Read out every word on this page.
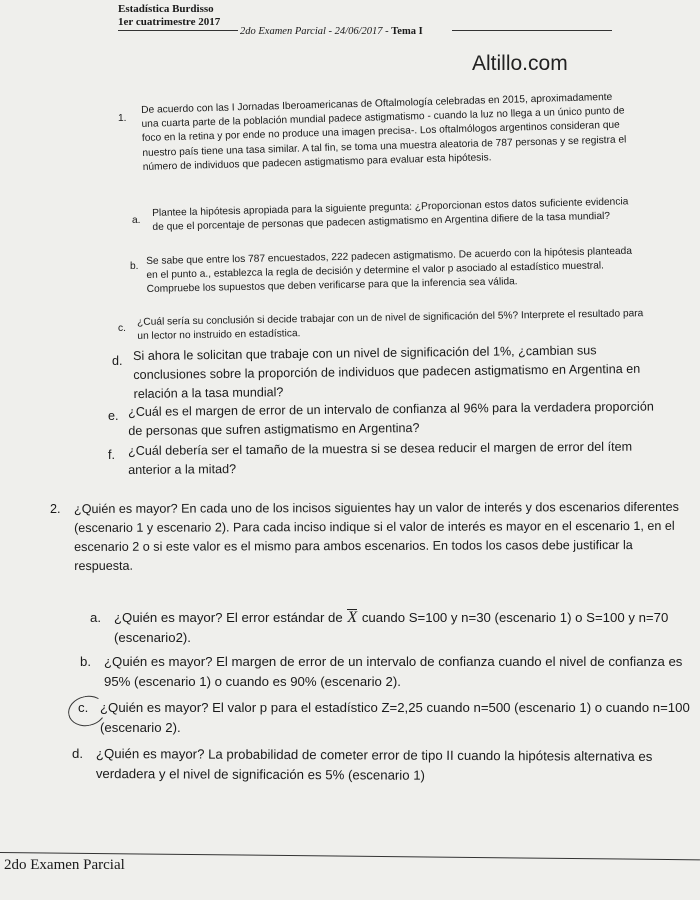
Estadística Burdisso
1er cuatrimestre 2017
2do Examen Parcial - 24/06/2017 - Tema I
Altillo.com
1.

De acuerdo con las I Jornadas Iberoamericanas de Oftalmología celebradas en 2015, aproximadamente una cuarta parte de la población mundial padece astigmatismo - cuando la luz no llega a un único punto de foco en la retina y por ende no produce una imagen precisa-. Los oftalmólogos argentinos consideran que nuestro país tiene una tasa similar. A tal fin, se toma una muestra aleatoria de 787 personas y se registra el número de individuos que padecen astigmatismo para evaluar esta hipótesis.

a.

Plantee la hipótesis apropiada para la siguiente pregunta: ¿Proporcionan estos datos suficiente evidencia de que el porcentaje de personas que padecen astigmatismo en Argentina difiere de la tasa mundial?

b. Se sabe que entre los 787 encuestados, 222 padecen astigmatismo. De acuerdo con la hipótesis planteada en el punto a., establezca la regla de decisión y determine el valor p asociado al estadístico muestral. Compruebe los supuestos que deben verificarse para que la inferencia sea válida.

c.

¿Cuál sería su conclusión si decide trabajar con un de nivel de significación del 5%? Interprete el resultado para un lector no instruido en estadística.

d. Si ahora le solicitan que trabaje con un nivel de significación del 1%, ¿cambian sus conclusiones sobre la proporción de individuos que padecen astigmatismo en Argentina en relación a la tasa mundial?

e. ¿Cuál es el margen de error de un intervalo de confianza al 96% para la verdadera proporción de personas que sufren astigmatismo en Argentina?

f. ¿Cuál debería ser el tamaño de la muestra si se desea reducir el margen de error del ítem anterior a la mitad?

2. ¿Quién es mayor? En cada uno de los incisos siguientes hay un valor de interés y dos escenarios diferentes (escenario 1 y escenario 2). Para cada inciso indique si el valor de interés es mayor en el escenario 1, en el escenario 2 o si este valor es el mismo para ambos escenarios. En todos los casos debe justificar la respuesta.

a. ¿Quién es mayor? El error estándar de X cuando S=100 y n=30 (escenario 1) o S=100 y n=70 (escenario2).

b. ¿Quién es mayor? El margen de error de un intervalo de confianza cuando el nivel de confianza es 95% (escenario 1) o cuando es 90% (escenario 2).

c. ¿Quién es mayor? El valor p para el estadístico Z=2,25 cuando n=500 (escenario 1) o cuando n=100 (escenario 2).

d. ¿Quién es mayor? La probabilidad de cometer error de tipo II cuando la hipótesis alternativa es verdadera y el nivel de significación es 5% (escenario 1)

2do Examen Parcial
